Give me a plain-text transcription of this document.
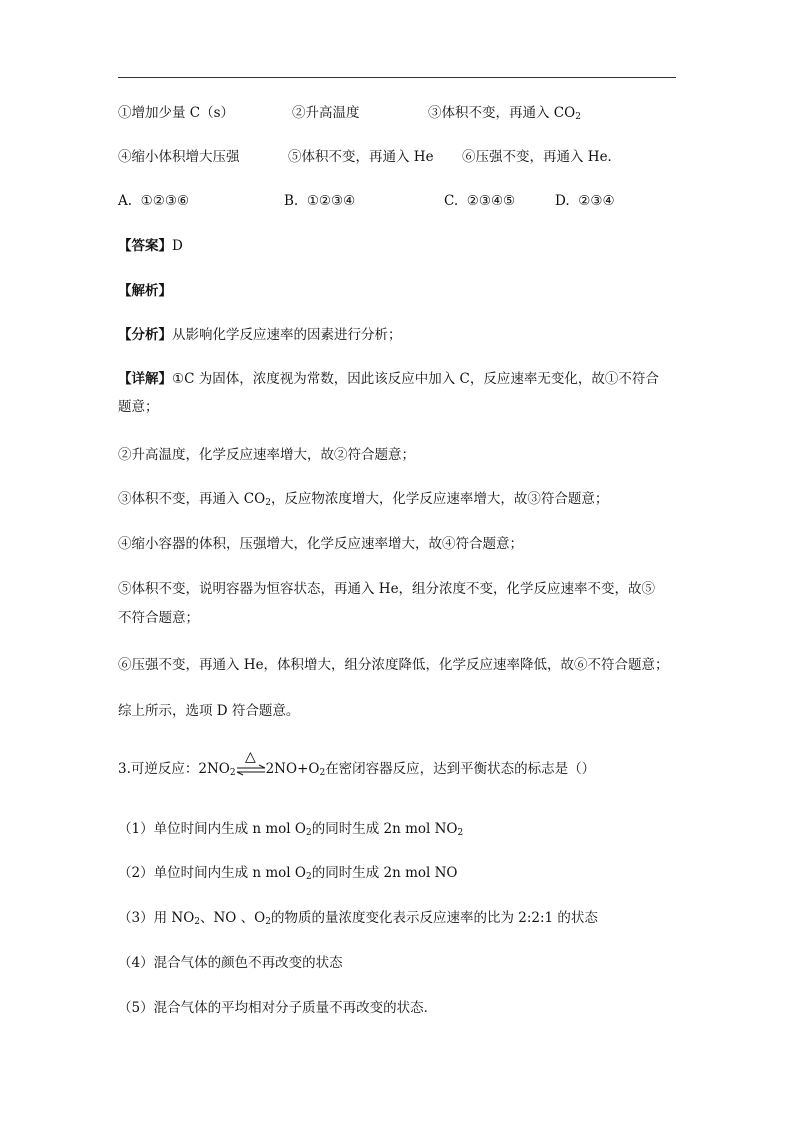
①增加少量 C（s）	②升高温度	③体积不变，再通入 $CO_2$
④缩小体积增大压强	⑤体积不变，再通入 He ⑥压强不变，再通入 He．
A. ①②③⑥	B. ①②③④	C. ②③④⑤	D. ②③④
【答案】D
【解析】
【分析】从影响化学反应速率的因素进行分析；
【详解】①C 为固体，浓度视为常数，因此该反应中加入 C，反应速率无变化，故①不符合
题意；
②升高温度，化学反应速率增大，故②符合题意；
③体积不变，再通入 $CO_2$，反应物浓度增大，化学反应速率增大，故③符合题意；
④缩小容器的体积，压强增大，化学反应速率增大，故④符合题意；
⑤体积不变，说明容器为恒容状态，再通入 He，组分浓度不变，化学反应速率不变，故⑤
不符合题意；
⑥压强不变，再通入 He，体积增大，组分浓度降低，化学反应速率降低，故⑥不符合题意；
综上所示，选项 D 符合题意。
3.可逆反应：$2NO_2$
△
$2NO+O_2$在密闭容器反应，达到平衡状态的标志是（）
（1）单位时间内生成 n mol $O_2$的同时生成 2n mol $NO_2$
（2）单位时间内生成 n mol $O_2$的同时生成 2n mol NO
（3）用 $NO_2$、NO 、$O_2$的物质的量浓度变化表示反应速率的比为 2:2:1 的状态
（4）混合气体的颜色不再改变的状态
（5）混合气体的平均相对分子质量不再改变的状态．
